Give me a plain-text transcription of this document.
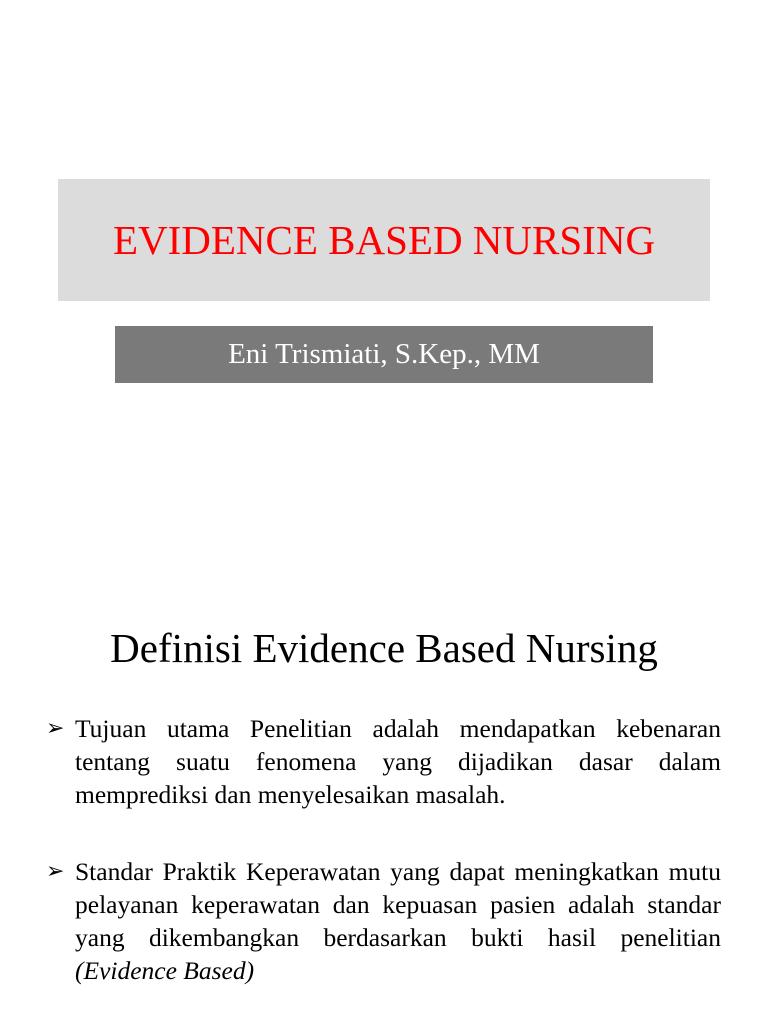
EVIDENCE BASED NURSING
Eni Trismiati, S.Kep., MM
Definisi Evidence Based Nursing
➢ Tujuan utama Penelitian adalah mendapatkan kebenaran tentang suatu fenomena yang dijadikan dasar dalam memprediksi dan menyelesaikan masalah.
➢ Standar Praktik Keperawatan yang dapat meningkatkan mutu pelayanan keperawatan dan kepuasan pasien adalah standar yang dikembangkan berdasarkan bukti hasil penelitian (Evidence Based)
